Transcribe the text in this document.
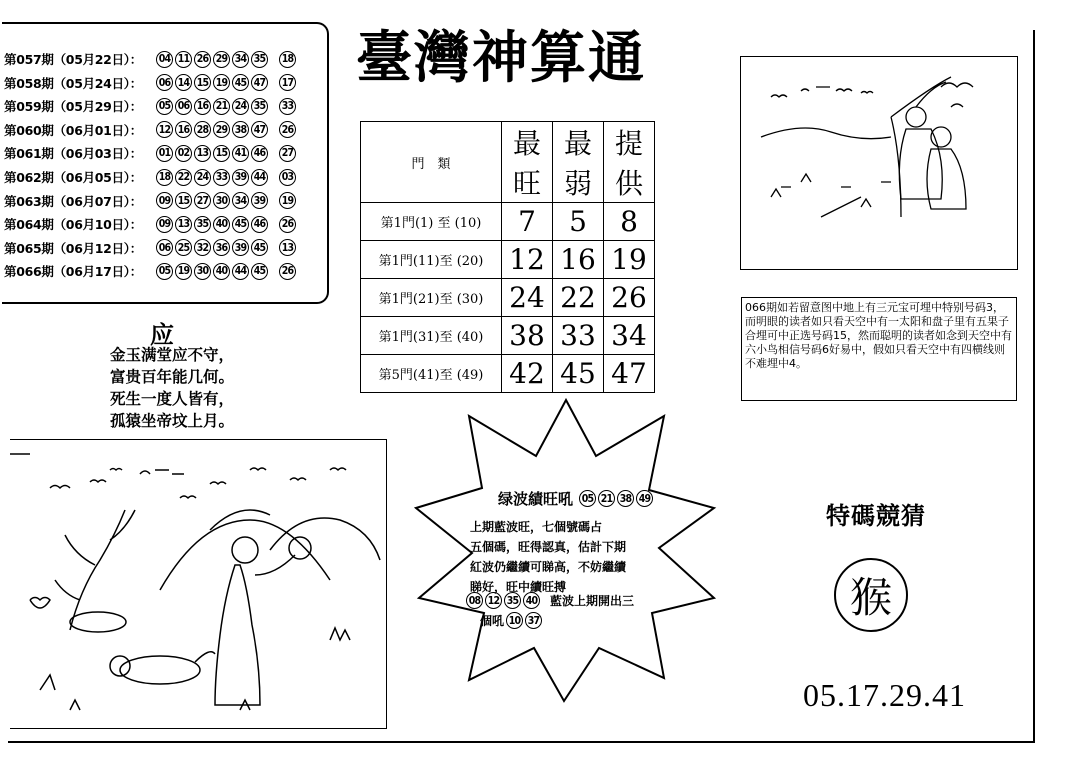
第057期（05月22日）：	04 11 26 29 34 35 18
第058期（05月24日）：	06 14 15 19 45 47 17
第059期（05月29日）：	05 06 16 21 24 35 33
第060期（06月01日）：	12 16 28 29 38 47 26
第061期（06月03日）：	01 02 13 15 41 46 27
第062期（06月05日）：	18 22 24 33 39 44 03
第063期（06月07日）：	09 15 27 30 34 39 19
第064期（06月10日）：	09 13 35 40 45 46 26
第065期（06月12日）：	06 25 32 36 39 45 13
第066期（06月17日）：	05 19 30 40 44 45 26
臺灣神算通
門　類	最旺	最弱	提供
第1門(1) 至 (10)	7	5	8
第1門(11)至 (20)	12	16	19
第1門(21)至 (30)	24	22	26
第1門(31)至 (40)	38	33	34
第5門(41)至 (49)	42	45	47
应
金玉满堂应不守，
富贵百年能几何。
死生一度人皆有，
孤猿坐帝坟上月。
066期如若留意图中地上有三元宝可埋中特别号码3，而明眼的读者如只看天空中有一太阳和盘子里有五果子合埋可中正选号码15，然而聪明的读者如念到天空中有六小鸟相信号码6好易中，假如只看天空中有四横线则不难埋中4。
绿波績旺吼 05 21 38 49
上期藍波旺，七個號碼占
五個碼，旺得認真，估計下期
紅波仍繼續可睇高，不妨繼續
睇好，旺中續旺搏
08 12 35 40 藍波上期開出三
個吼 10 37
特碼競猜
猴
05.17.29.41
